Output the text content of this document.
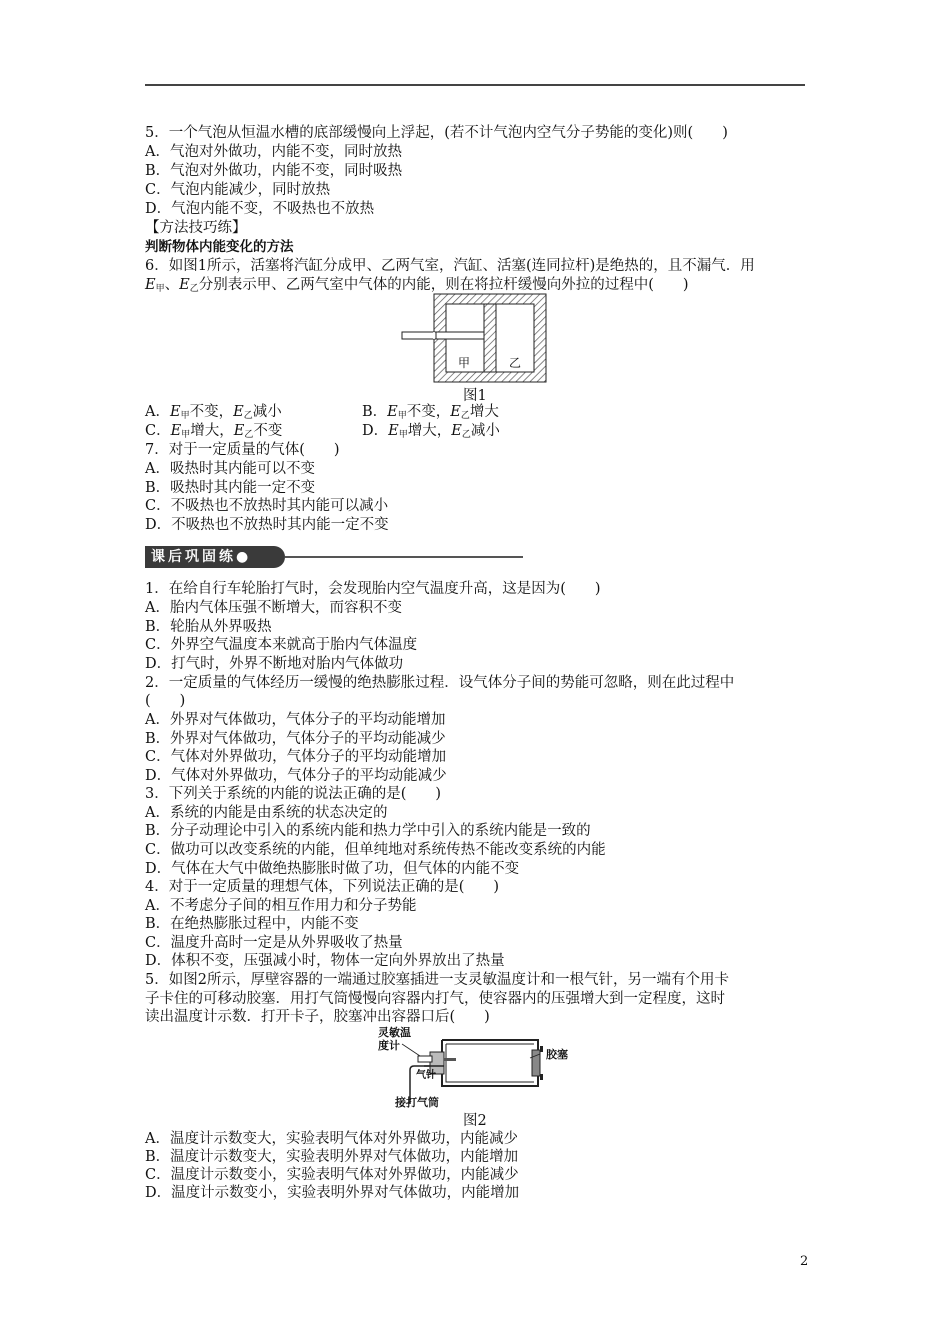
5．一个气泡从恒温水槽的底部缓慢向上浮起，(若不计气泡内空气分子势能的变化)则(　　)
A．气泡对外做功，内能不变，同时放热
B．气泡对外做功，内能不变，同时吸热
C．气泡内能减少，同时放热
D．气泡内能不变，不吸热也不放热
【方法技巧练】
判断物体内能变化的方法
6．如图1所示，活塞将汽缸分成甲、乙两气室，汽缸、活塞(连同拉杆)是绝热的，且不漏气．用
$E_甲$、$E_乙$分别表示甲、乙两气室中气体的内能，则在将拉杆缓慢向外拉的过程中(　　)
甲	乙
图1
A．$E_甲$不变，$E_乙$减小	B．$E_甲$不变，$E_乙$增大
C．$E_甲$增大，$E_乙$不变	D．$E_甲$增大，$E_乙$减小
7．对于一定质量的气体(　　)
A．吸热时其内能可以不变
B．吸热时其内能一定不变
C．不吸热也不放热时其内能可以减小
D．不吸热也不放热时其内能一定不变
课后巩固练●
1．在给自行车轮胎打气时，会发现胎内空气温度升高，这是因为(　　)
A．胎内气体压强不断增大，而容积不变
B．轮胎从外界吸热
C．外界空气温度本来就高于胎内气体温度
D．打气时，外界不断地对胎内气体做功
2．一定质量的气体经历一缓慢的绝热膨胀过程．设气体分子间的势能可忽略，则在此过程中
(　　)
A．外界对气体做功，气体分子的平均动能增加
B．外界对气体做功，气体分子的平均动能减少
C．气体对外界做功，气体分子的平均动能增加
D．气体对外界做功，气体分子的平均动能减少
3．下列关于系统的内能的说法正确的是(　　)
A．系统的内能是由系统的状态决定的
B．分子动理论中引入的系统内能和热力学中引入的系统内能是一致的
C．做功可以改变系统的内能，但单纯地对系统传热不能改变系统的内能
D．气体在大气中做绝热膨胀时做了功，但气体的内能不变
4．对于一定质量的理想气体，下列说法正确的是(　　)
A．不考虑分子间的相互作用力和分子势能
B．在绝热膨胀过程中，内能不变
C．温度升高时一定是从外界吸收了热量
D．体积不变，压强减小时，物体一定向外界放出了热量
5．如图2所示，厚壁容器的一端通过胶塞插进一支灵敏温度计和一根气针，另一端有个用卡
子卡住的可移动胶塞．用打气筒慢慢向容器内打气，使容器内的压强增大到一定程度，这时
读出温度计示数．打开卡子，胶塞冲出容器口后(　　)
灵敏温
度计
气针
胶塞
接打气筒
图2
A．温度计示数变大，实验表明气体对外界做功，内能减少
B．温度计示数变大，实验表明外界对气体做功，内能增加
C．温度计示数变小，实验表明气体对外界做功，内能减少
D．温度计示数变小，实验表明外界对气体做功，内能增加
2
